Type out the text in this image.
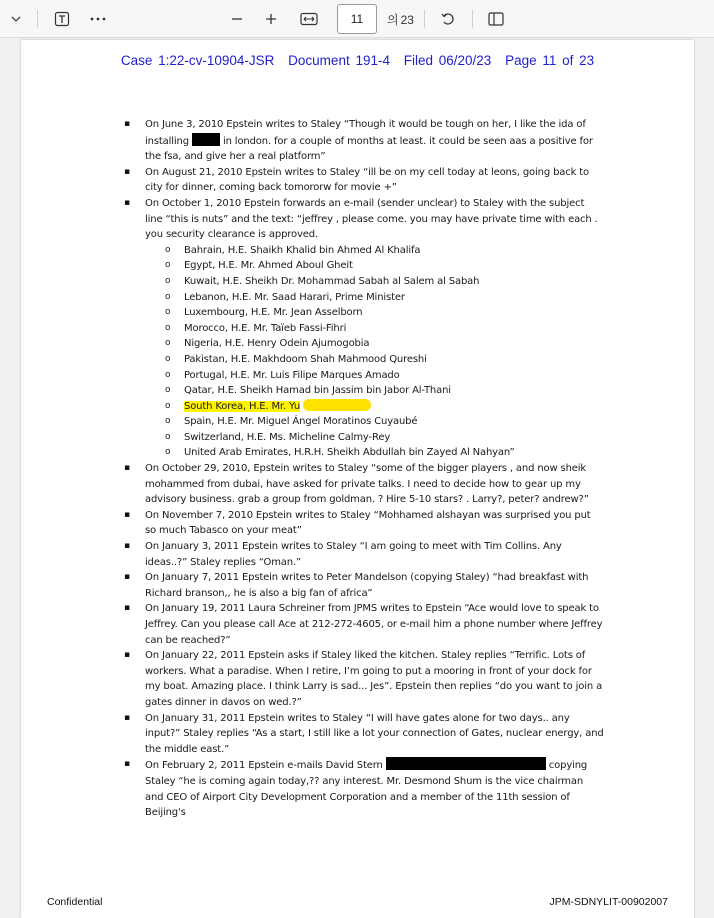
11	의 23
Case 1:22-cv-10904-JSR Document 191-4 Filed 06/20/23 Page 11 of 23
▪ On June 3, 2010 Epstein writes to Staley “Though it would be tough on her, I like the ida of installing	in london. for a couple of months at least. it could be seen aas a positive for the fsa, and give her a real platform”
▪ On August 21, 2010 Epstein writes to Staley “ill be on my cell today at leons, going back to city for dinner, coming back tomororw for movie +”
▪ On October 1, 2010 Epstein forwards an e-mail (sender unclear) to Staley with the subject line “this is nuts” and the text: “jeffrey , please come. you may have private time with each . you security clearance is approved.
o Bahrain, H.E. Shaikh Khalid bin Ahmed Al Khalifa
o Egypt, H.E. Mr. Ahmed Aboul Gheit
o Kuwait, H.E. Sheikh Dr. Mohammad Sabah al Salem al Sabah
o Lebanon, H.E. Mr. Saad Harari, Prime Minister
o Luxembourg, H.E. Mr. Jean Asselborn
o Morocco, H.E. Mr. Taïeb Fassi-Fihri
o Nigeria, H.E. Henry Odein Ajumogobia
o Pakistan, H.E. Makhdoom Shah Mahmood Qureshi
o Portugal, H.E. Mr. Luis Filipe Marques Amado
o Qatar, H.E. Sheikh Hamad bin Jassim bin Jabor Al-Thani
o South Korea, H.E. Mr. Yu
o Spain, H.E. Mr. Miguel Ángel Moratinos Cuyaubé
o Switzerland, H.E. Ms. Micheline Calmy-Rey
o United Arab Emirates, H.R.H. Sheikh Abdullah bin Zayed Al Nahyan”
▪ On October 29, 2010, Epstein writes to Staley “some of the bigger players , and now sheik mohammed from dubai, have asked for private talks. I need to decide how to gear up my advisory business. grab a group from goldman. ? Hire 5-10 stars? . Larry?, peter? andrew?”
▪ On November 7, 2010 Epstein writes to Staley “Mohhamed alshayan was surprised you put so much Tabasco on your meat”
▪ On January 3, 2011 Epstein writes to Staley “I am going to meet with Tim Collins. Any ideas..?” Staley replies “Oman.”
▪ On January 7, 2011 Epstein writes to Peter Mandelson (copying Staley) “had breakfast with Richard branson,, he is also a big fan of africa”
▪ On January 19, 2011 Laura Schreiner from JPMS writes to Epstein “Ace would love to speak to Jeffrey. Can you please call Ace at 212-272-4605, or e-mail him a phone number where Jeffrey can be reached?”
▪ On January 22, 2011 Epstein asks if Staley liked the kitchen. Staley replies “Terrific. Lots of workers. What a paradise. When I retire, I’m going to put a mooring in front of your dock for my boat. Amazing place. I think Larry is sad... Jes”. Epstein then replies “do you want to join a gates dinner in davos on wed.?”
▪ On January 31, 2011 Epstein writes to Staley “I will have gates alone for two days.. any input?” Staley replies “As a start, I still like a lot your connection of Gates, nuclear energy, and the middle east.”
▪ On February 2, 2011 Epstein e-mails David Stern	copying Staley “he is coming again today,?? any interest. Mr. Desmond Shum is the vice chairman and CEO of Airport City Development Corporation and a member of the 11th session of Beijing's
Confidential	JPM-SDNYLIT-00902007
